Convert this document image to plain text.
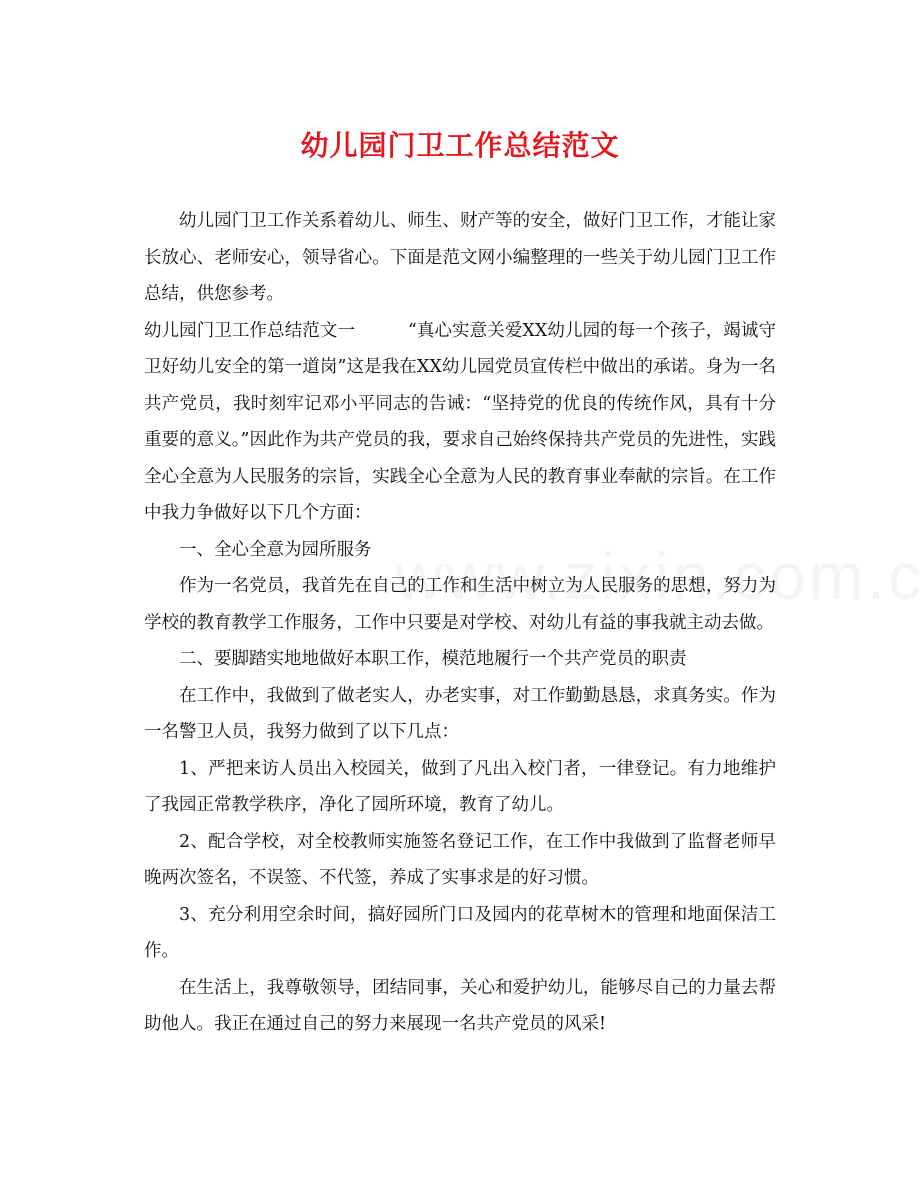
幼儿园门卫工作总结范文

幼儿园门卫工作关系着幼儿、师生、财产等的安全，做好门卫工作，才能让家长放心、老师安心，领导省心。下面是范文网小编整理的一些关于幼儿园门卫工作总结，供您参考。

幼儿园门卫工作总结范文一　　　“真心实意关爱XX幼儿园的每一个孩子，竭诚守卫好幼儿安全的第一道岗”这是我在XX幼儿园党员宣传栏中做出的承诺。身为一名共产党员，我时刻牢记邓小平同志的告诫：“坚持党的优良的传统作风，具有十分重要的意义。”因此作为共产党员的我，要求自己始终保持共产党员的先进性，实践全心全意为人民服务的宗旨，实践全心全意为人民的教育事业奉献的宗旨。在工作中我力争做好以下几个方面：

一、全心全意为园所服务

作为一名党员，我首先在自己的工作和生活中树立为人民服务的思想，努力为学校的教育教学工作服务，工作中只要是对学校、对幼儿有益的事我就主动去做。

二、要脚踏实地地做好本职工作，模范地履行一个共产党员的职责

在工作中，我做到了做老实人，办老实事，对工作勤勤恳恳，求真务实。作为一名警卫人员，我努力做到了以下几点：

1、严把来访人员出入校园关，做到了凡出入校门者，一律登记。有力地维护了我园正常教学秩序，净化了园所环境，教育了幼儿。

2、配合学校，对全校教师实施签名登记工作，在工作中我做到了监督老师早晚两次签名，不误签、不代签，养成了实事求是的好习惯。

3、充分利用空余时间，搞好园所门口及园内的花草树木的管理和地面保洁工作。

在生活上，我尊敬领导，团结同事，关心和爱护幼儿，能够尽自己的力量去帮助他人。我正在通过自己的努力来展现一名共产党员的风采!
